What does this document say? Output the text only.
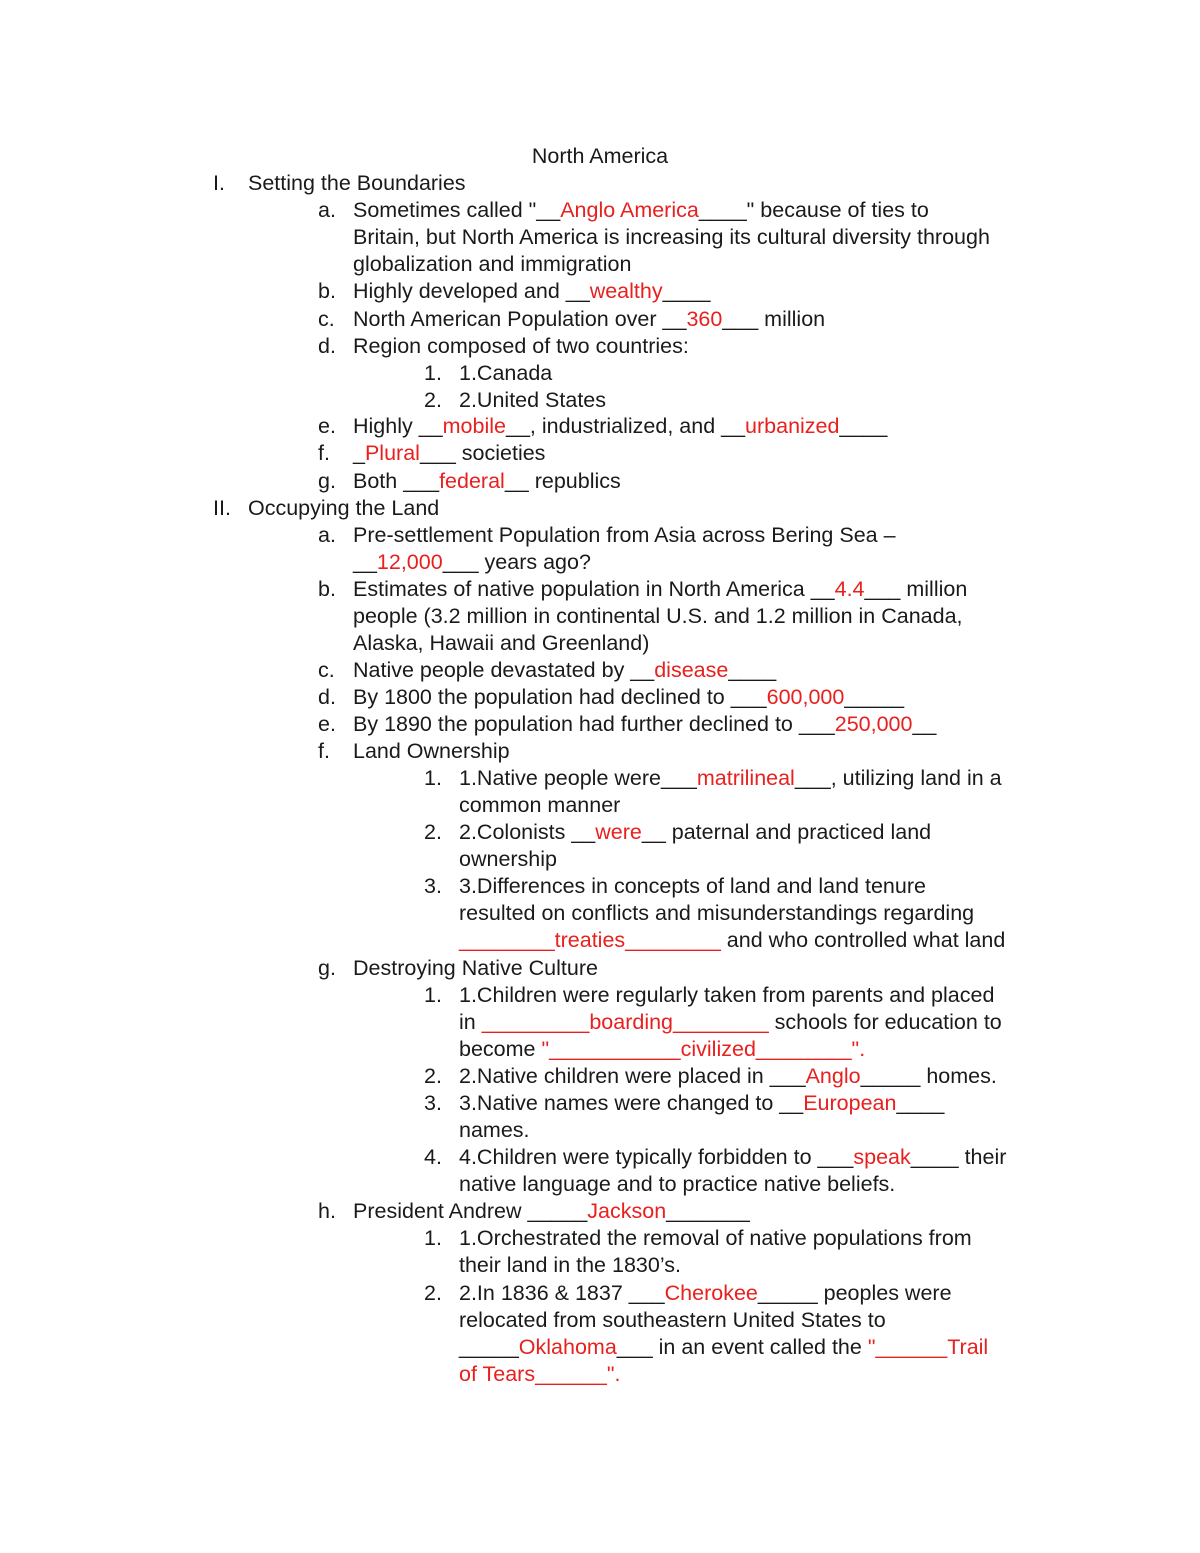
North America
I. Setting the Boundaries
a. Sometimes called "__Anglo America____" because of ties to
Britain, but North America is increasing its cultural diversity through
globalization and immigration
b. Highly developed and __wealthy____
c. North American Population over __360___ million
d. Region composed of two countries:
1. 1.Canada
2. 2.United States
e. Highly __mobile__, industrialized, and __urbanized____
f. _Plural___ societies
g. Both ___federal__ republics
II. Occupying the Land
a. Pre-settlement Population from Asia across Bering Sea –
__12,000___ years ago?
b. Estimates of native population in North America __4.4___ million
people (3.2 million in continental U.S. and 1.2 million in Canada,
Alaska, Hawaii and Greenland)
c. Native people devastated by __disease____
d. By 1800 the population had declined to ___600,000_____
e. By 1890 the population had further declined to ___250,000__
f. Land Ownership
1. 1.Native people were___matrilineal___, utilizing land in a
common manner
2. 2.Colonists __were__ paternal and practiced land
ownership
3. 3.Differences in concepts of land and land tenure
resulted on conflicts and misunderstandings regarding
________treaties________ and who controlled what land
g. Destroying Native Culture
1. 1.Children were regularly taken from parents and placed
in _________boarding________ schools for education to
become "___________civilized________".
2. 2.Native children were placed in ___Anglo_____ homes.
3. 3.Native names were changed to __European____
names.
4. 4.Children were typically forbidden to ___speak____ their
native language and to practice native beliefs.
h. President Andrew _____Jackson_______
1. 1.Orchestrated the removal of native populations from
their land in the 1830’s.
2. 2.In 1836 & 1837 ___Cherokee_____ peoples were
relocated from southeastern United States to
_____Oklahoma___ in an event called the "______Trail
of Tears______".
